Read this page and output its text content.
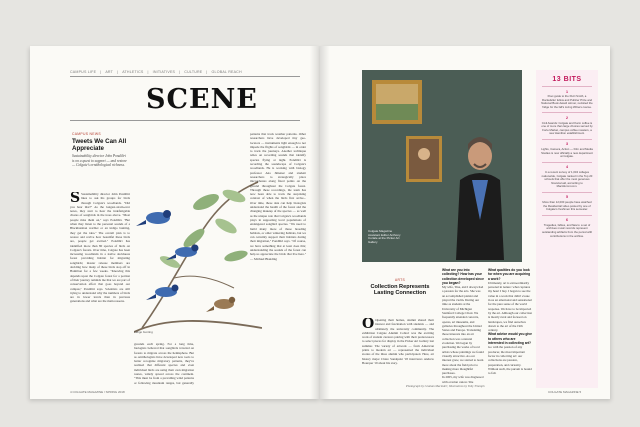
CAMPUS LIFE | ART | ATHLETICS | INITIATIVES | CULTURE | GLOBAL REACH
SCENE
CAMPUS NEWS
Tweets We Can All Appreciate
Sustainability director John Pondiliri is on a quest to support — and restore — Colgate's ornithological richness.
Indigo bunting
S Sustainability director John Pondiliri likes to ask his groups for birds through Colgate's woodlands. "Did you hear that?" As the longest-strain-ever notes, they start to hear the indefatigable chorus of songbirds in the trees above. "Most people miss them on," says Pondiliri. "But when they listen to the personal sounds of a Blackburnian warbler or an indigo bunting, they get the idea." The overall plan is to restore and revive how beautiful these birds are, people get excited." Pondiliri has identified more than 80 species of birds on Colgate's forests. Over time, Colgate has been increasing woodlands in a native deciduous forest providing habitat for migrating songbirds; master release members are deciding how many of these birds stop off in Hamilton for a few weeks. "Knowing this depends upon the Colgate forest for a portion of their journey reminds me that we are part of conservation effort that goes beyond our campus," Pondiliri says. Scientists are still trying to understand why the numbers of birds are in lower levels than in previous generations and what are the main reasons.
grounds each spring. For a long time, biologists believed that songbirds traveled on forests to migrate across the hemisphere. But as ornithologists have developed new tools to better recognize migratory patterns, they've realized that different species and even individual birds are using their own migration routes, widely spread across the continent. "This must be from a prevailing wind patterns or following mountain ranges, but generally
patterns that track weather patterns. Other researchers have developed tiny geo-locators — instruments light enough to not impede the flights of songbirds — in order to track the journeys. Another technique relies on recording sounds that identify species flying at night. Pondiliri is recording the soundscape of Colgate's woodlands. He is working with biology professor Ana Jimenez and student researchers to strategically place microphones along fixed points on the ground throughout the Colgate forest. Through these recordings, the team has now been able to track the surprising contrast of when the birds first arrive... Over time, these data can help biologists understand the health of the forest and the changing makeup of the species — as well as the unique role that Colgate's woodlands plays in supporting local populations of endangered songbird species. "We need to build many more of these breeding habitats, or other wintering habitats, but we can certainly support their habitats during their migration," Pondiliri says. "Of course, we have something that at least does this; understanding the sounds of the forest can help us appreciate the birds that live here." — Michael Blanding
4 COLGATE MAGAZINE / SPRING 2018
Colgate Magazine Assistant Editor Anthony Curiale at the Picker Art Gallery
ARTS
Collection Represents Lasting Connection
O Opening their homes, alumni shared their interest and fascination with students — and ultimately the university community. The exhibition Colgate Alumni Collect was the exciting work of student curators pairing with their predecessors to select pieces for display in the Picker Art Gallery last summer. The variety of artwork — from American prints to modern art — represented the individual stories of the three alumni who participated. Here, art history major Claire Sandquist '18 interviews Andrew Bourque '19 about his story.
What are you into collecting? How has your collection developed since you began?
My wife, Tina, and I always had a passion for the arts. She was an accomplished pianist and played the violin. During our time as students at the University of Michigan Stamford College Choir. We frequently attended concerts, operas, art museums, and galleries throughout the United States and Europe. Translating those interests into an art collection was a natural evolution. We began by purchasing the works of local artists whose paintings we found visually attractive. As our interest grew, we started to learn more about the field prior to making more thoughtful purchases.
In 2005, my wife was diagnosed with ovarian cancer. She
What qualities do you look for when you are acquiring a work?
Ultimately, art is extraordinarily personal in nature: what captures my heart I buy. I began to see the value in a work that didn't evoke in us an emotional and sensational for the pure sense of the world response. We have to be impacted by the art. Although our collection is mostly rural and focused on landscapes, we find ourselves drawn to the art of the 19th century.
What advice would you give to others who are interested in collecting art?
Go with the passion of any producer, the most important factor in collecting art: our collections are passion, preparation, and curiosity. Without such, the pursuit is bound to fail.
Photograph by Graham Macinder; Illustrations by Toby Triumph
13 BITS
1
Poet guide to the Petri Smith, a Rockefeller fellow and Pulitzer Prize and National Book Award winner, revisited the fridge for the fall's Living Writers course.
2
Civil Awards: Colgate and Karm coffee is one of more than large choices served by Forte Market, campus coffee roasters, a new Hamilton establishment.
3
Lights, Camera, Action — Film and Media Studies is now officially a new department at Colgate.
4
In a recent survey of 1,034 colleges nationwide, Colgate ranked in the Top 20 schools that offer the most generous financial aid, according to MacAlumni.com.
5
More than 12,000 people have watched the Residential video posted by one of Colgate's freshmen this semester.
6
Tragedies, fables, and fiasco: a set of archives music records represent outstanding artifacts from the period with contributions in the archive.
COLGATE MAGAZINE 5
